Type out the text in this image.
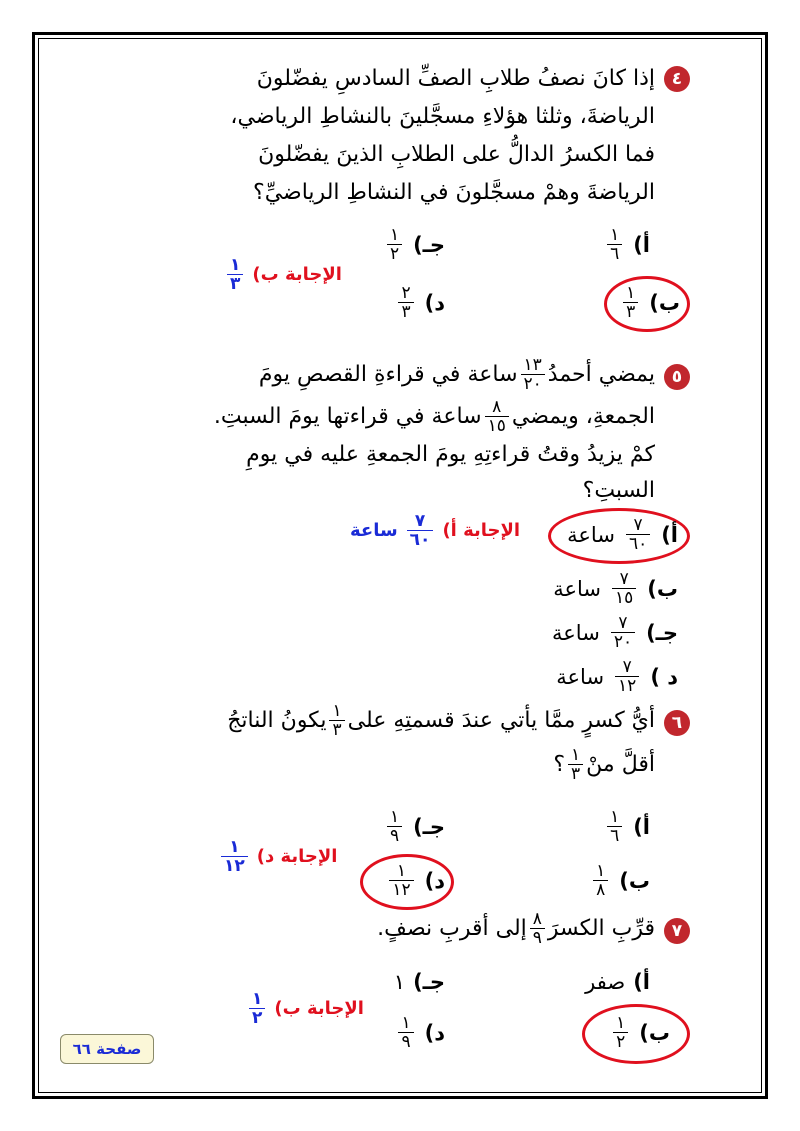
٤
إذا كانَ نصفُ طلابِ الصفِّ السادسِ يفضّلونَ
الرياضةَ، وثلثا هؤلاءِ مسجَّلينَ بالنشاطِ الرياضي،
فما الكسرُ الدالُّ على الطلابِ الذينَ يفضّلونَ
الرياضةَ وهمْ مسجَّلونَ في النشاطِ الرياضيِّ؟
أ)
$\frac{١}{٦}$
جـ)
$\frac{١}{٢}$
ب)
$\frac{١}{٣}$
د)
$\frac{٢}{٣}$
الإجابة ب)
$\frac{١}{٣}$
٥
يمضي أحمدُ
$\frac{١٣}{٢٠}$
ساعة في قراءةِ القصصِ يومَ
الجمعةِ، ويمضي
$\frac{٨}{١٥}$
ساعة في قراءتها يومَ السبتِ.
كمْ يزيدُ وقتُ قراءتِهِ يومَ الجمعةِ عليه في يومِ
السبتِ؟
أ)
$\frac{٧}{٦٠}$
ساعة
ب)
$\frac{٧}{١٥}$
ساعة
جـ)
$\frac{٧}{٢٠}$
ساعة
د )
$\frac{٧}{١٢}$
ساعة
الإجابة أ)
$\frac{٧}{٦٠}$
ساعة
٦
أيُّ كسرٍ ممَّا يأتي عندَ قسمتِهِ على
$\frac{١}{٣}$
يكونُ الناتجُ
أقلَّ منْ
$\frac{١}{٣}$
؟
أ)
$\frac{١}{٦}$
جـ)
$\frac{١}{٩}$
ب)
$\frac{١}{٨}$
د)
$\frac{١}{١٢}$
الإجابة د)
$\frac{١}{١٢}$
٧
قرِّبِ الكسرَ
$\frac{٨}{٩}$
إلى أقربِ نصفٍ.
أ)
صفر
جـ)
١
ب)
$\frac{١}{٢}$
د)
$\frac{١}{٩}$
الإجابة ب)
$\frac{١}{٢}$
صفحة ٦٦
